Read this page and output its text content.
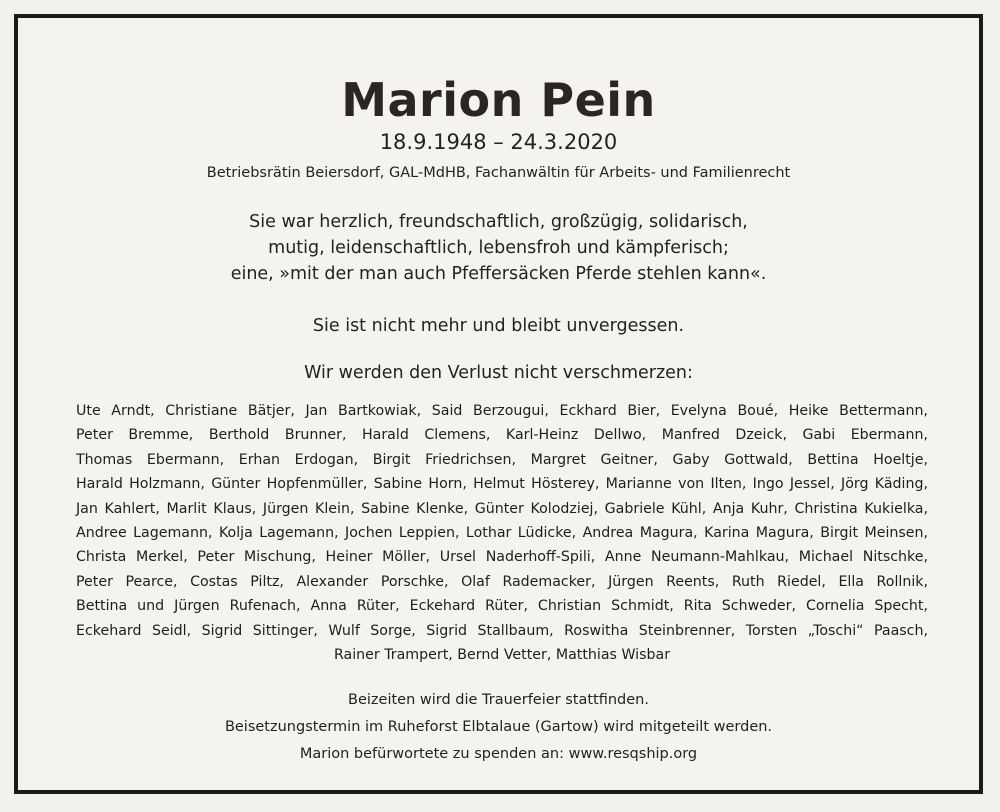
Marion Pein
18.9.1948 – 24.3.2020
Betriebsrätin Beiersdorf, GAL-MdHB, Fachanwältin für Arbeits- und Familienrecht
Sie war herzlich, freundschaftlich, großzügig, solidarisch,
mutig, leidenschaftlich, lebensfroh und kämpferisch;
eine, »mit der man auch Pfeffersäcken Pferde stehlen kann«.
Sie ist nicht mehr und bleibt unvergessen.
Wir werden den Verlust nicht verschmerzen:
Ute Arndt, Christiane Bätjer, Jan Bartkowiak, Said Berzougui, Eckhard Bier, Evelyna Boué, Heike Bettermann,
Peter Bremme, Berthold Brunner, Harald Clemens, Karl-Heinz Dellwo, Manfred Dzeick, Gabi Ebermann,
Thomas Ebermann, Erhan Erdogan, Birgit Friedrichsen, Margret Geitner, Gaby Gottwald, Bettina Hoeltje,
Harald Holzmann, Günter Hopfenmüller, Sabine Horn, Helmut Hösterey, Marianne von Ilten, Ingo Jessel, Jörg Käding,
Jan Kahlert, Marlit Klaus, Jürgen Klein, Sabine Klenke, Günter Kolodziej, Gabriele Kühl, Anja Kuhr, Christina Kukielka,
Andree Lagemann, Kolja Lagemann, Jochen Leppien, Lothar Lüdicke, Andrea Magura, Karina Magura, Birgit Meinsen,
Christa Merkel, Peter Mischung, Heiner Möller, Ursel Naderhoff-Spili, Anne Neumann-Mahlkau, Michael Nitschke,
Peter Pearce, Costas Piltz, Alexander Porschke, Olaf Rademacker, Jürgen Reents, Ruth Riedel, Ella Rollnik,
Bettina und Jürgen Rufenach, Anna Rüter, Eckehard Rüter, Christian Schmidt, Rita Schweder, Cornelia Specht,
Eckehard Seidl, Sigrid Sittinger, Wulf Sorge, Sigrid Stallbaum, Roswitha Steinbrenner, Torsten „Toschi“ Paasch,
Rainer Trampert, Bernd Vetter, Matthias Wisbar
Beizeiten wird die Trauerfeier stattfinden.
Beisetzungstermin im Ruheforst Elbtalaue (Gartow) wird mitgeteilt werden.
Marion befürwortete zu spenden an: www.resqship.org
